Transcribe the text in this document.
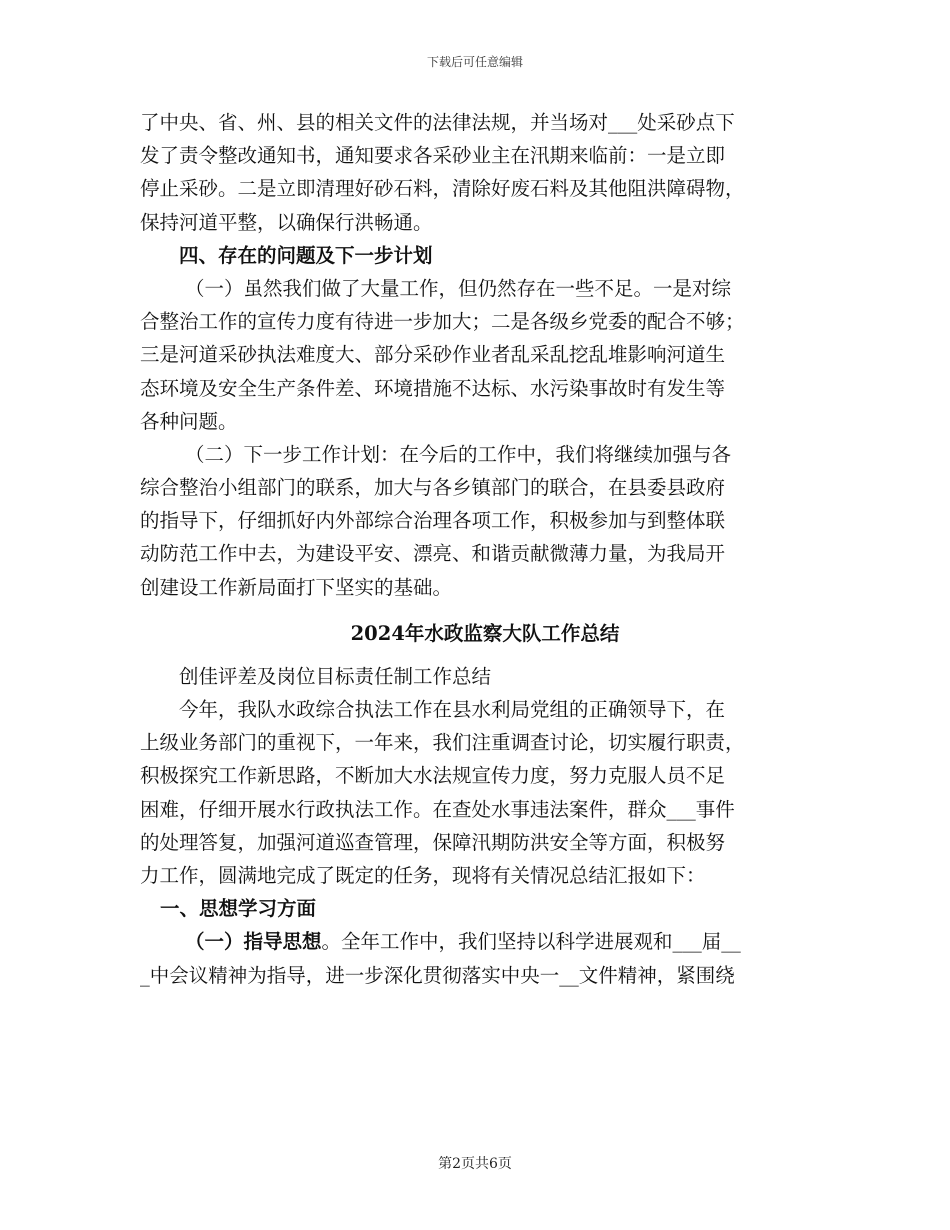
下载后可任意编辑
了中央、省、州、县的相关文件的法律法规，并当场对___处采砂点下
发了责令整改通知书，通知要求各采砂业主在汛期来临前：一是立即
停止采砂。二是立即清理好砂石料，清除好废石料及其他阻洪障碍物，
保持河道平整，以确保行洪畅通。
四、存在的问题及下一步计划
（一）虽然我们做了大量工作，但仍然存在一些不足。一是对综
合整治工作的宣传力度有待进一步加大；二是各级乡党委的配合不够；
三是河道采砂执法难度大、部分采砂作业者乱采乱挖乱堆影响河道生
态环境及安全生产条件差、环境措施不达标、水污染事故时有发生等
各种问题。
（二）下一步工作计划：在今后的工作中，我们将继续加强与各
综合整治小组部门的联系，加大与各乡镇部门的联合，在县委县政府
的指导下，仔细抓好内外部综合治理各项工作，积极参加与到整体联
动防范工作中去，为建设平安、漂亮、和谐贡献微薄力量，为我局开
创建设工作新局面打下坚实的基础。
2024年水政监察大队工作总结
创佳评差及岗位目标责任制工作总结
今年，我队水政综合执法工作在县水利局党组的正确领导下，在
上级业务部门的重视下，一年来，我们注重调查讨论，切实履行职责，
积极探究工作新思路，不断加大水法规宣传力度，努力克服人员不足
困难，仔细开展水行政执法工作。在查处水事违法案件，群众___事件
的处理答复，加强河道巡查管理，保障汛期防洪安全等方面，积极努
力工作，圆满地完成了既定的任务，现将有关情况总结汇报如下：
一、思想学习方面
（一）指导思想。全年工作中，我们坚持以科学进展观和___届__
_中会议精神为指导，进一步深化贯彻落实中央一__文件精神，紧围绕
第2页共6页
